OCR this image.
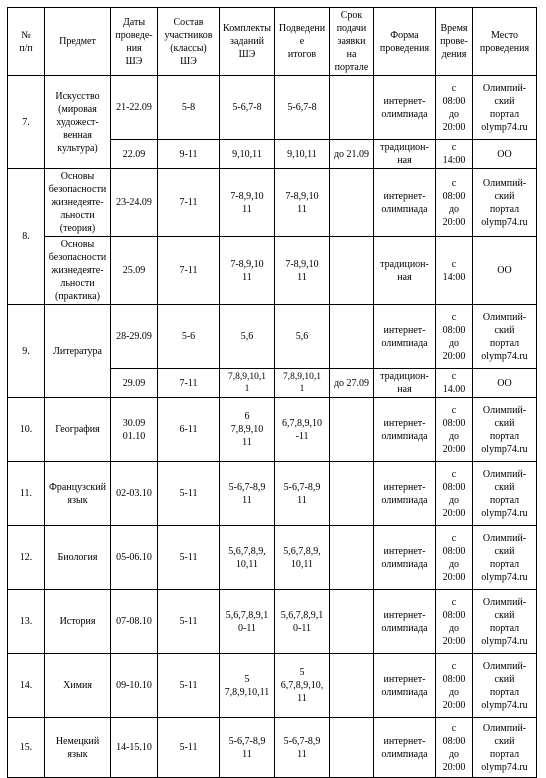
№
п/п	Предмет	Даты
проведе-
ния
ШЭ	Состав
участников
(классы)
ШЭ	Комплекты
заданий ШЭ	Подведение
итогов	Срок
подачи
заявки
на
портале	Форма
проведения	Время
прове-
дения	Место
проведения
7.	Искусство
(мировая
художест-
венная
культура)	21-22.09	5-8	5-6,7-8	5-6,7-8		интернет-
олимпиада	с
08:00
до
20:00	Олимпий-
ский
портал
olymp74.ru
		22.09	9-11	9,10,11	9,10,11	до 21.09	традицион-
ная	с
14:00	ОО
8.	Основы
безопасности
жизнедеяте-
льности
(теория)	23-24.09	7-11	7-8,9,10
11	7-8,9,10
11		интернет-
олимпиада	с
08:00
до
20:00	Олимпий-
ский
портал
olymp74.ru
	Основы
безопасности
жизнедеяте-
льности
(практика)	25.09	7-11	7-8,9,10
11	7-8,9,10
11		традицион-
ная	с
14:00	ОО
9.	Литература	28-29.09	5-6	5,6	5,6		интернет-
олимпиада	с
08:00
до
20:00	Олимпий-
ский
портал
olymp74.ru
		29.09	7-11	7,8,9,10,1
1	7,8,9,10,1
1	до 27.09	традицион-
ная	с
14.00	ОО
10.	География	30.09
01.10	6-11	6
7,8,9,10
11	6,7,8,9,10
-11		интернет-
олимпиада	с
08:00
до
20:00	Олимпий-
ский
портал
olymp74.ru
11.	Французский
язык	02-03.10	5-11	5-6,7-8,9
11	5-6,7-8,9
11		интернет-
олимпиада	с
08:00
до
20:00	Олимпий-
ский
портал
olymp74.ru
12.	Биология	05-06.10	5-11	5,6,7,8,9,
10,11	5,6,7,8,9,
10,11		интернет-
олимпиада	с
08:00
до
20:00	Олимпий-
ский
портал
olymp74.ru
13.	История	07-08.10	5-11	5,6,7,8,9,1
0-11	5,6,7,8,9,1
0-11		интернет-
олимпиада	с
08:00
до
20:00	Олимпий-
ский
портал
olymp74.ru
14.	Химия	09-10.10	5-11	5
7,8,9,10,11	5
6,7,8,9,10,
11		интернет-
олимпиада	с
08:00
до
20:00	Олимпий-
ский
портал
olymp74.ru
15.	Немецкий
язык	14-15.10	5-11	5-6,7-8,9
11	5-6,7-8,9
11		интернет-
олимпиада	с
08:00 до
20:00	Олимпий-
ский
портал
olymp74.ru
